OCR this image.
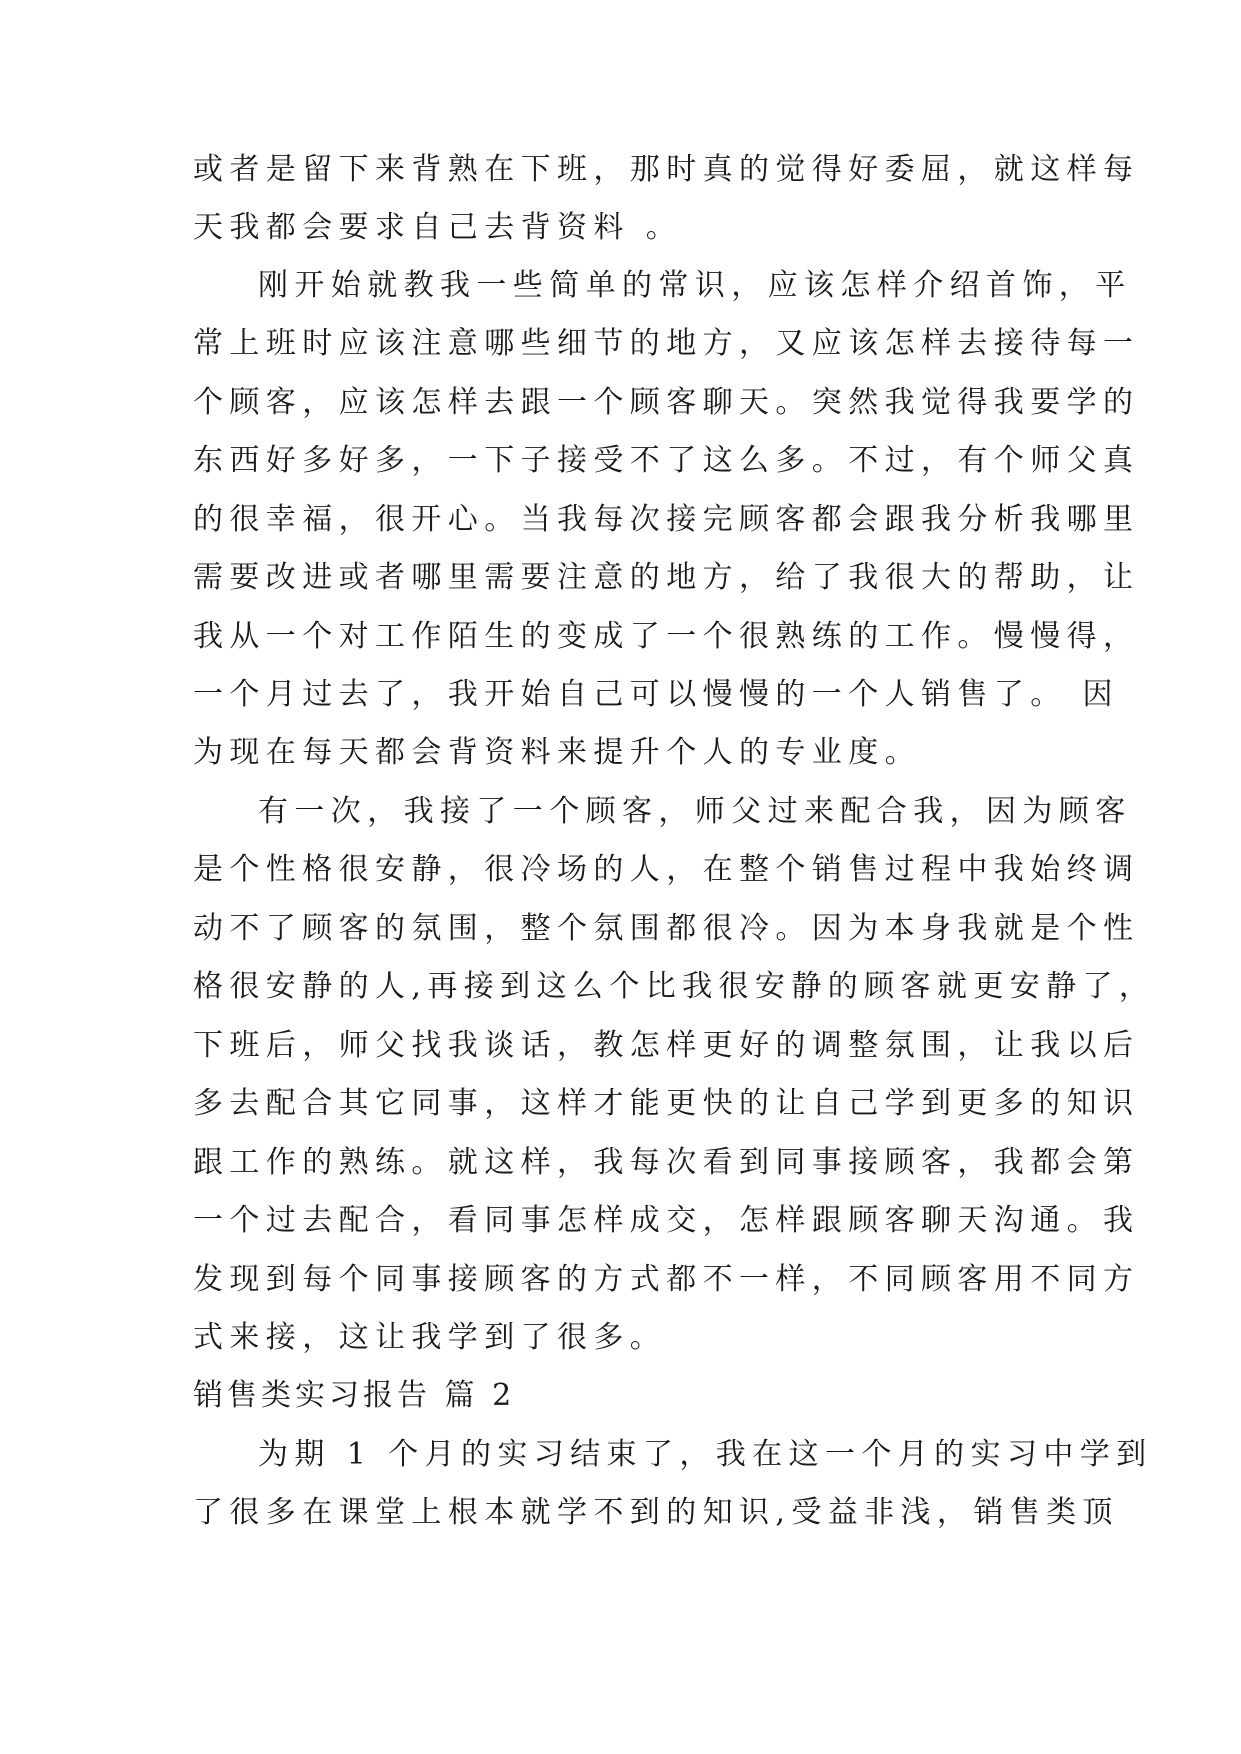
或者是留下来背熟在下班，那时真的觉得好委屈，就这样每
天我都会要求自己去背资料 。
刚开始就教我一些简单的常识，应该怎样介绍首饰，平
常上班时应该注意哪些细节的地方，又应该怎样去接待每一
个顾客，应该怎样去跟一个顾客聊天。突然我觉得我要学的
东西好多好多，一下子接受不了这么多。不过，有个师父真
的很幸福，很开心。当我每次接完顾客都会跟我分析我哪里
需要改进或者哪里需要注意的地方，给了我很大的帮助，让
我从一个对工作陌生的变成了一个很熟练的工作。慢慢得，
一个月过去了，我开始自己可以慢慢的一个人销售了。 因
为现在每天都会背资料来提升个人的专业度。
有一次，我接了一个顾客，师父过来配合我，因为顾客
是个性格很安静，很冷场的人，在整个销售过程中我始终调
动不了顾客的氛围，整个氛围都很冷。因为本身我就是个性
格很安静的人,再接到这么个比我很安静的顾客就更安静了，
下班后，师父找我谈话，教怎样更好的调整氛围，让我以后
多去配合其它同事，这样才能更快的让自己学到更多的知识
跟工作的熟练。就这样，我每次看到同事接顾客，我都会第
一个过去配合，看同事怎样成交，怎样跟顾客聊天沟通。我
发现到每个同事接顾客的方式都不一样，不同顾客用不同方
式来接，这让我学到了很多。
销售类实习报告 篇 2
为期 1 个月的实习结束了，我在这一个月的实习中学到
了很多在课堂上根本就学不到的知识,受益非浅，销售类顶
